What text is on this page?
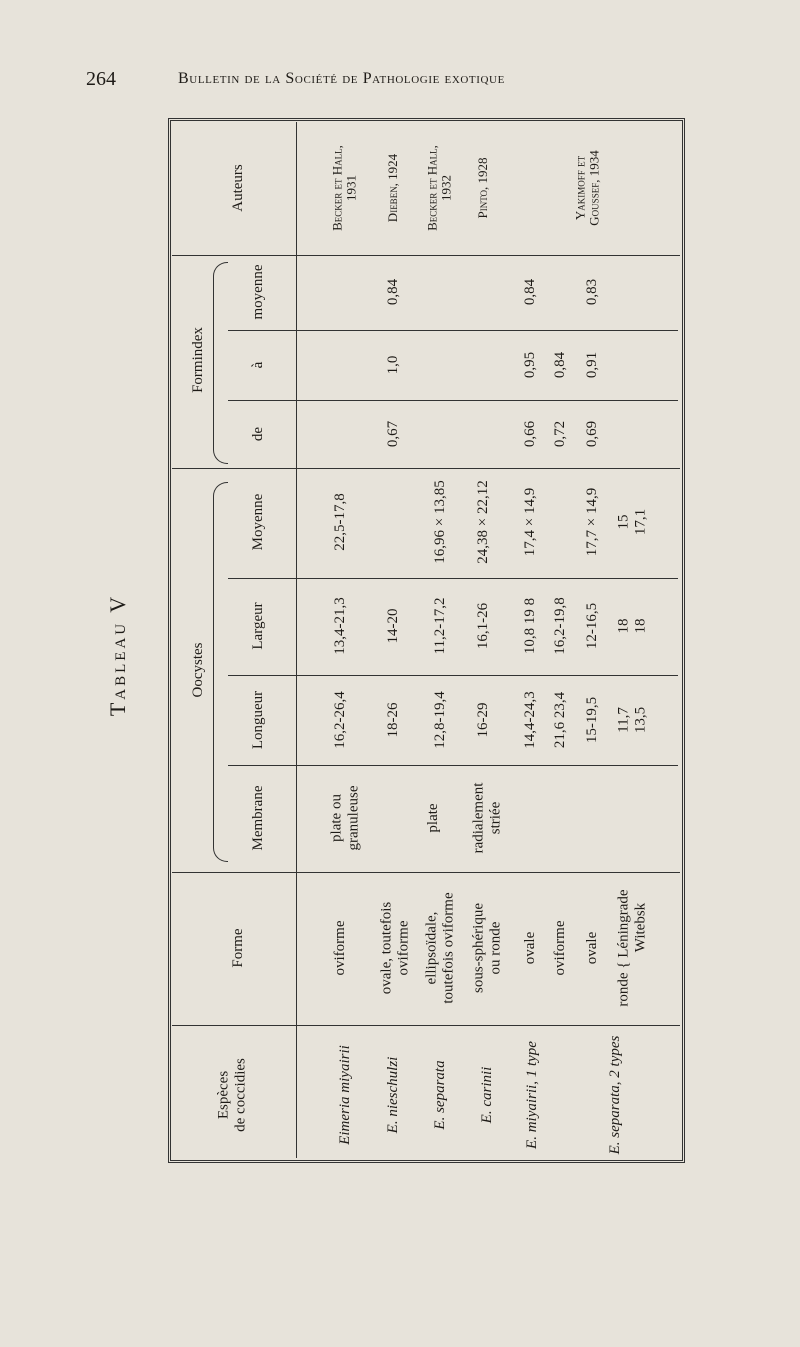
264	Bulletin de la Société de Pathologie exotique
Tableau V
Auteurs
Formindex
moyenne
à
de
Oocystes
Moyenne
Largeur
Longueur
Membrane
Forme
Espèces
de coccidies	Eimeria miyairii
oviforme
plate ou
granuleuse
16,2-26,4
13,4-21,3
22,5-17,8
Becker et Hall,
1931
E. nieschulzi
ovale, toutefois
oviforme
18-26
14-20
0,67
1,0
0,84
Dieben, 1924
E. separata
ellipsoïdale,
toutefois oviforme
plate
12,8-19,4
11,2-17,2
16,96 × 13,85
Becker et Hall,
1932
E. carinii
sous-sphérique
ou ronde
radialement
striée
16-29
16,1-26
24,38 × 22,12
Pinto, 1928
E. miyairii, 1 type
ovale
14,4-24,3
10,8 19 8
17,4 × 14,9
0,66
0,95
0,84
oviforme
21,6 23,4
16,2-19,8
0,72
0,84
E. separata, 2 types
ovale
15-19,5
12-16,5
17,7 × 14,9
0,69
0,91
0,83
Yakimoff et
Goussef, 1934
ronde { Léningrade
Witebsk
11,7
13,5
18
18
15
17,1
